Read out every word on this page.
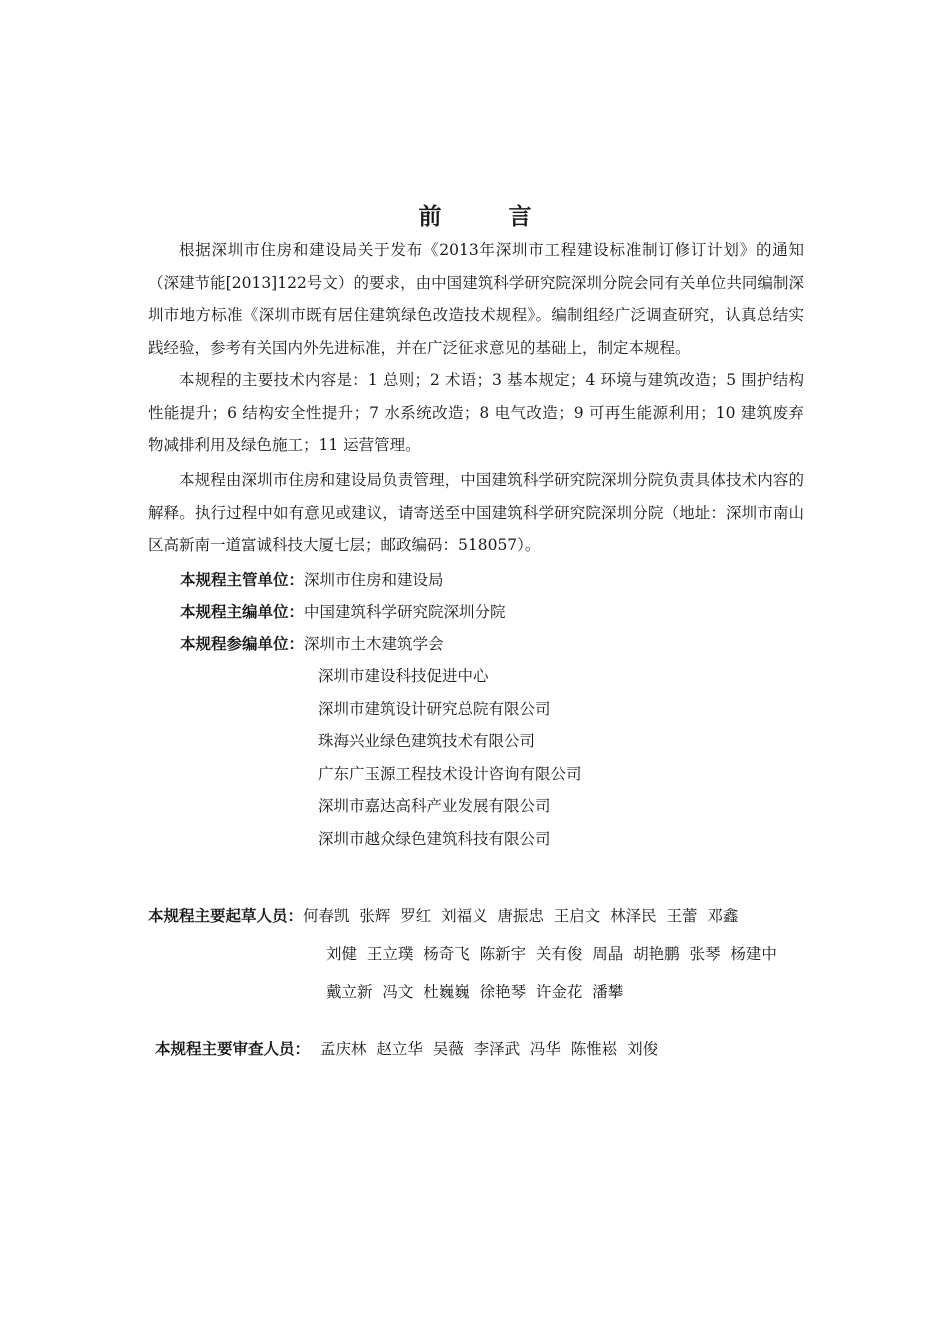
前　言

根据深圳市住房和建设局关于发布《2013年深圳市工程建设标准制订修订计划》的通知（深建节能[2013]122号文）的要求，由中国建筑科学研究院深圳分院会同有关单位共同编制深圳市地方标准《深圳市既有居住建筑绿色改造技术规程》。编制组经广泛调查研究，认真总结实践经验，参考有关国内外先进标准，并在广泛征求意见的基础上，制定本规程。

本规程的主要技术内容是：1 总则；2 术语；3 基本规定；4 环境与建筑改造；5 围护结构性能提升；6 结构安全性提升；7 水系统改造；8 电气改造；9 可再生能源利用；10 建筑废弃物减排利用及绿色施工；11 运营管理。

本规程由深圳市住房和建设局负责管理，中国建筑科学研究院深圳分院负责具体技术内容的解释。执行过程中如有意见或建议，请寄送至中国建筑科学研究院深圳分院（地址：深圳市南山区高新南一道富诚科技大厦七层；邮政编码：518057）。

本规程主管单位：深圳市住房和建设局
本规程主编单位：中国建筑科学研究院深圳分院
本规程参编单位：深圳市土木建筑学会
深圳市建设科技促进中心
深圳市建筑设计研究总院有限公司
珠海兴业绿色建筑技术有限公司
广东广玉源工程技术设计咨询有限公司
深圳市嘉达高科产业发展有限公司
深圳市越众绿色建筑科技有限公司
本规程主要起草人员：何春凯  张辉  罗红  刘福义  唐振忠  王启文  林泽民  王蕾  邓鑫
刘健  王立璞  杨奇飞  陈新宇  关有俊  周晶  胡艳鹏  张琴  杨建中
戴立新  冯文  杜巍巍  徐艳琴  许金花  潘攀
本规程主要审查人员： 孟庆林  赵立华  吴薇  李泽武  冯华  陈惟崧  刘俊
